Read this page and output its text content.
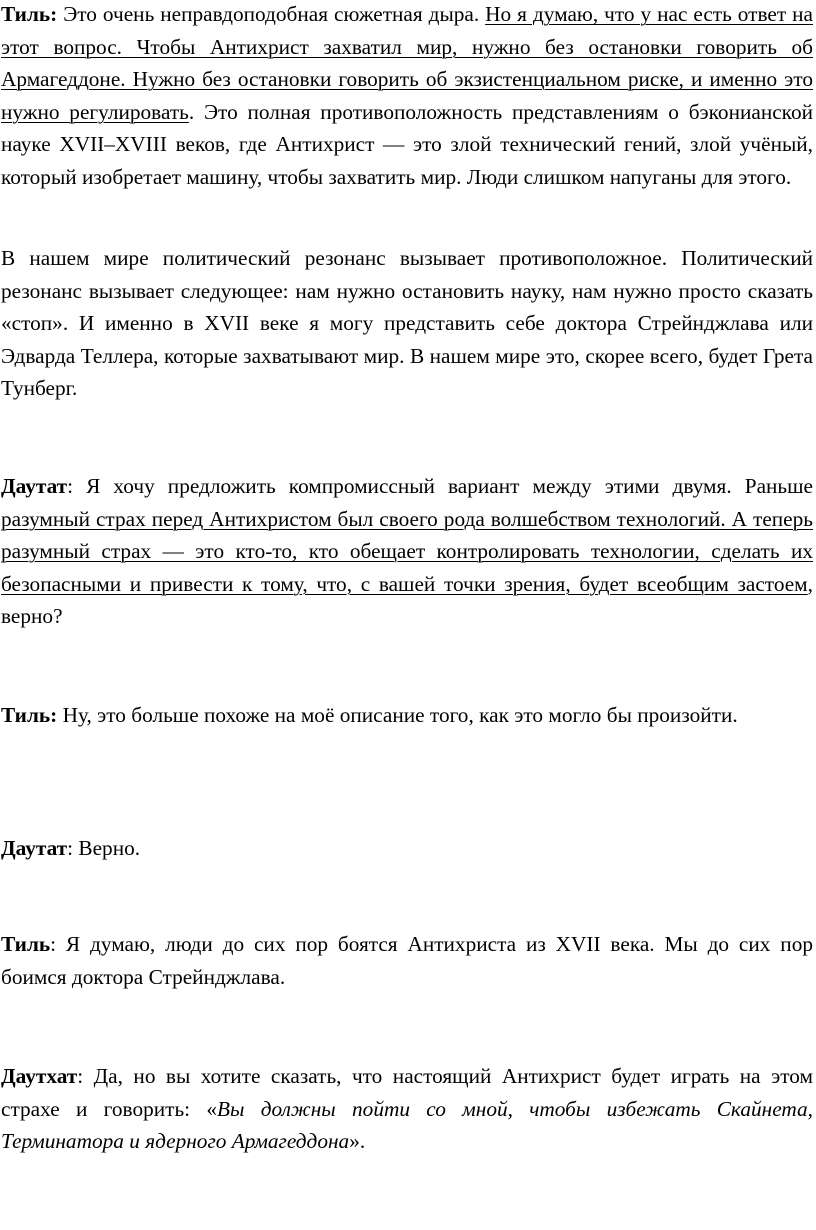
Тиль: Это очень неправдоподобная сюжетная дыра. Но я думаю, что у нас есть ответ на этот вопрос. Чтобы Антихрист захватил мир, нужно без остановки говорить об Армагеддоне. Нужно без остановки говорить об экзистенциальном риске, и именно это нужно регулировать. Это полная противоположность представлениям о бэконианской науке XVII–XVIII веков, где Антихрист — это злой технический гений, злой учёный, который изобретает машину, чтобы захватить мир. Люди слишком напуганы для этого.

В нашем мире политический резонанс вызывает противоположное. Политический резонанс вызывает следующее: нам нужно остановить науку, нам нужно просто сказать «стоп». И именно в XVII веке я могу представить себе доктора Стрейнджлава или Эдварда Теллера, которые захватывают мир. В нашем мире это, скорее всего, будет Грета Тунберг.

Даутат: Я хочу предложить компромиссный вариант между этими двумя. Раньше разумный страх перед Антихристом был своего рода волшебством технологий. А теперь разумный страх — это кто-то, кто обещает контролировать технологии, сделать их безопасными и привести к тому, что, с вашей точки зрения, будет всеобщим застоем, верно?

Тиль: Ну, это больше похоже на моё описание того, как это могло бы произойти.

Даутат: Верно.

Тиль: Я думаю, люди до сих пор боятся Антихриста из XVII века. Мы до сих пор боимся доктора Стрейнджлава.

Даутхат: Да, но вы хотите сказать, что настоящий Антихрист будет играть на этом страхе и говорить: «Вы должны пойти со мной, чтобы избежать Скайнета, Терминатора и ядерного Армагеддона».
